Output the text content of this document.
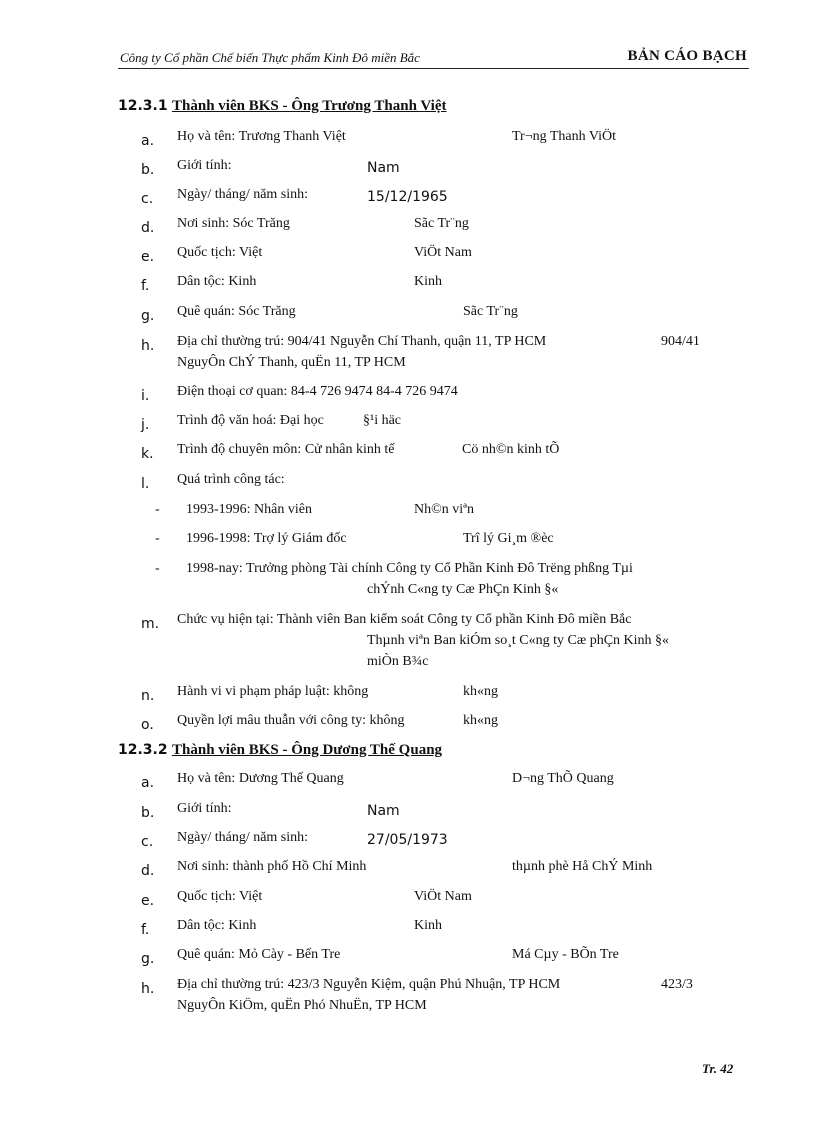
Công ty Cổ phần Chế biến Thực phẩm Kinh Đô miền Bắc	BẢN CÁO BẠCH
12.3.1 Thành viên BKS - Ông Trương Thanh Việt
a.	Họ và tên: Trương Thanh Việt	Tr¬ng Thanh ViÖt
b.	Giới tính:	Nam
c.	Ngày/ tháng/ năm sinh:	15/12/1965
d.	Nơi sinh: Sóc Trăng	Sãc Tr¨ng
e.	Quốc tịch: Việt	ViÖt Nam
f.	Dân tộc: Kinh	Kinh
g.	Quê quán: Sóc Trăng	Sãc Tr¨ng
h.	Địa chỉ thường trú: 904/41 Nguyễn Chí Thanh, quận 11, TP HCM	904/41
NguyÔn ChÝ Thanh, quËn 11, TP HCM
i.	Điện thoại cơ quan: 84-4 726 9474 84-4 726 9474
j.	Trình độ văn hoá: Đại học	§¹i häc
k.	Trình độ chuyên môn: Cử nhân kinh tế	Cö nh©n kinh tÕ
l.	Quá trình công tác:
- 1993-1996: Nhân viên	Nh©n viªn
- 1996-1998: Trợ lý Giám đốc	Trî lý Gi¸m ®èc
- 1998-nay: Trưởng phòng Tài chính Công ty Cổ Phần Kinh Đô Trëng phßng Tµi
chÝnh C«ng ty Cæ PhÇn Kinh §«
m.	Chức vụ hiện tại: Thành viên Ban kiểm soát Công ty Cổ phần Kinh Đô miền Bắc
Thµnh viªn Ban kiÓm so¸t C«ng ty Cæ phÇn Kinh §«
miÒn B¾c
n.	Hành vi vi phạm pháp luật: không	kh«ng
o.	Quyền lợi mâu thuẫn với công ty: không	kh«ng
12.3.2 Thành viên BKS - Ông Dương Thế Quang
a.	Họ và tên: Dương Thế Quang	D¬ng ThÕ Quang
b.	Giới tính:	Nam
c.	Ngày/ tháng/ năm sinh:	27/05/1973
d.	Nơi sinh: thành phố Hồ Chí Minh	thµnh phè Hå ChÝ Minh
e.	Quốc tịch: Việt	ViÖt Nam
f.	Dân tộc: Kinh	Kinh
g.	Quê quán: Mỏ Cày - Bến Tre	Má Cµy - BÕn Tre
h.	Địa chỉ thường trú: 423/3 Nguyễn Kiệm, quận Phú Nhuận, TP HCM	423/3
NguyÔn KiÖm, quËn Phó NhuËn, TP HCM
Tr. 42
